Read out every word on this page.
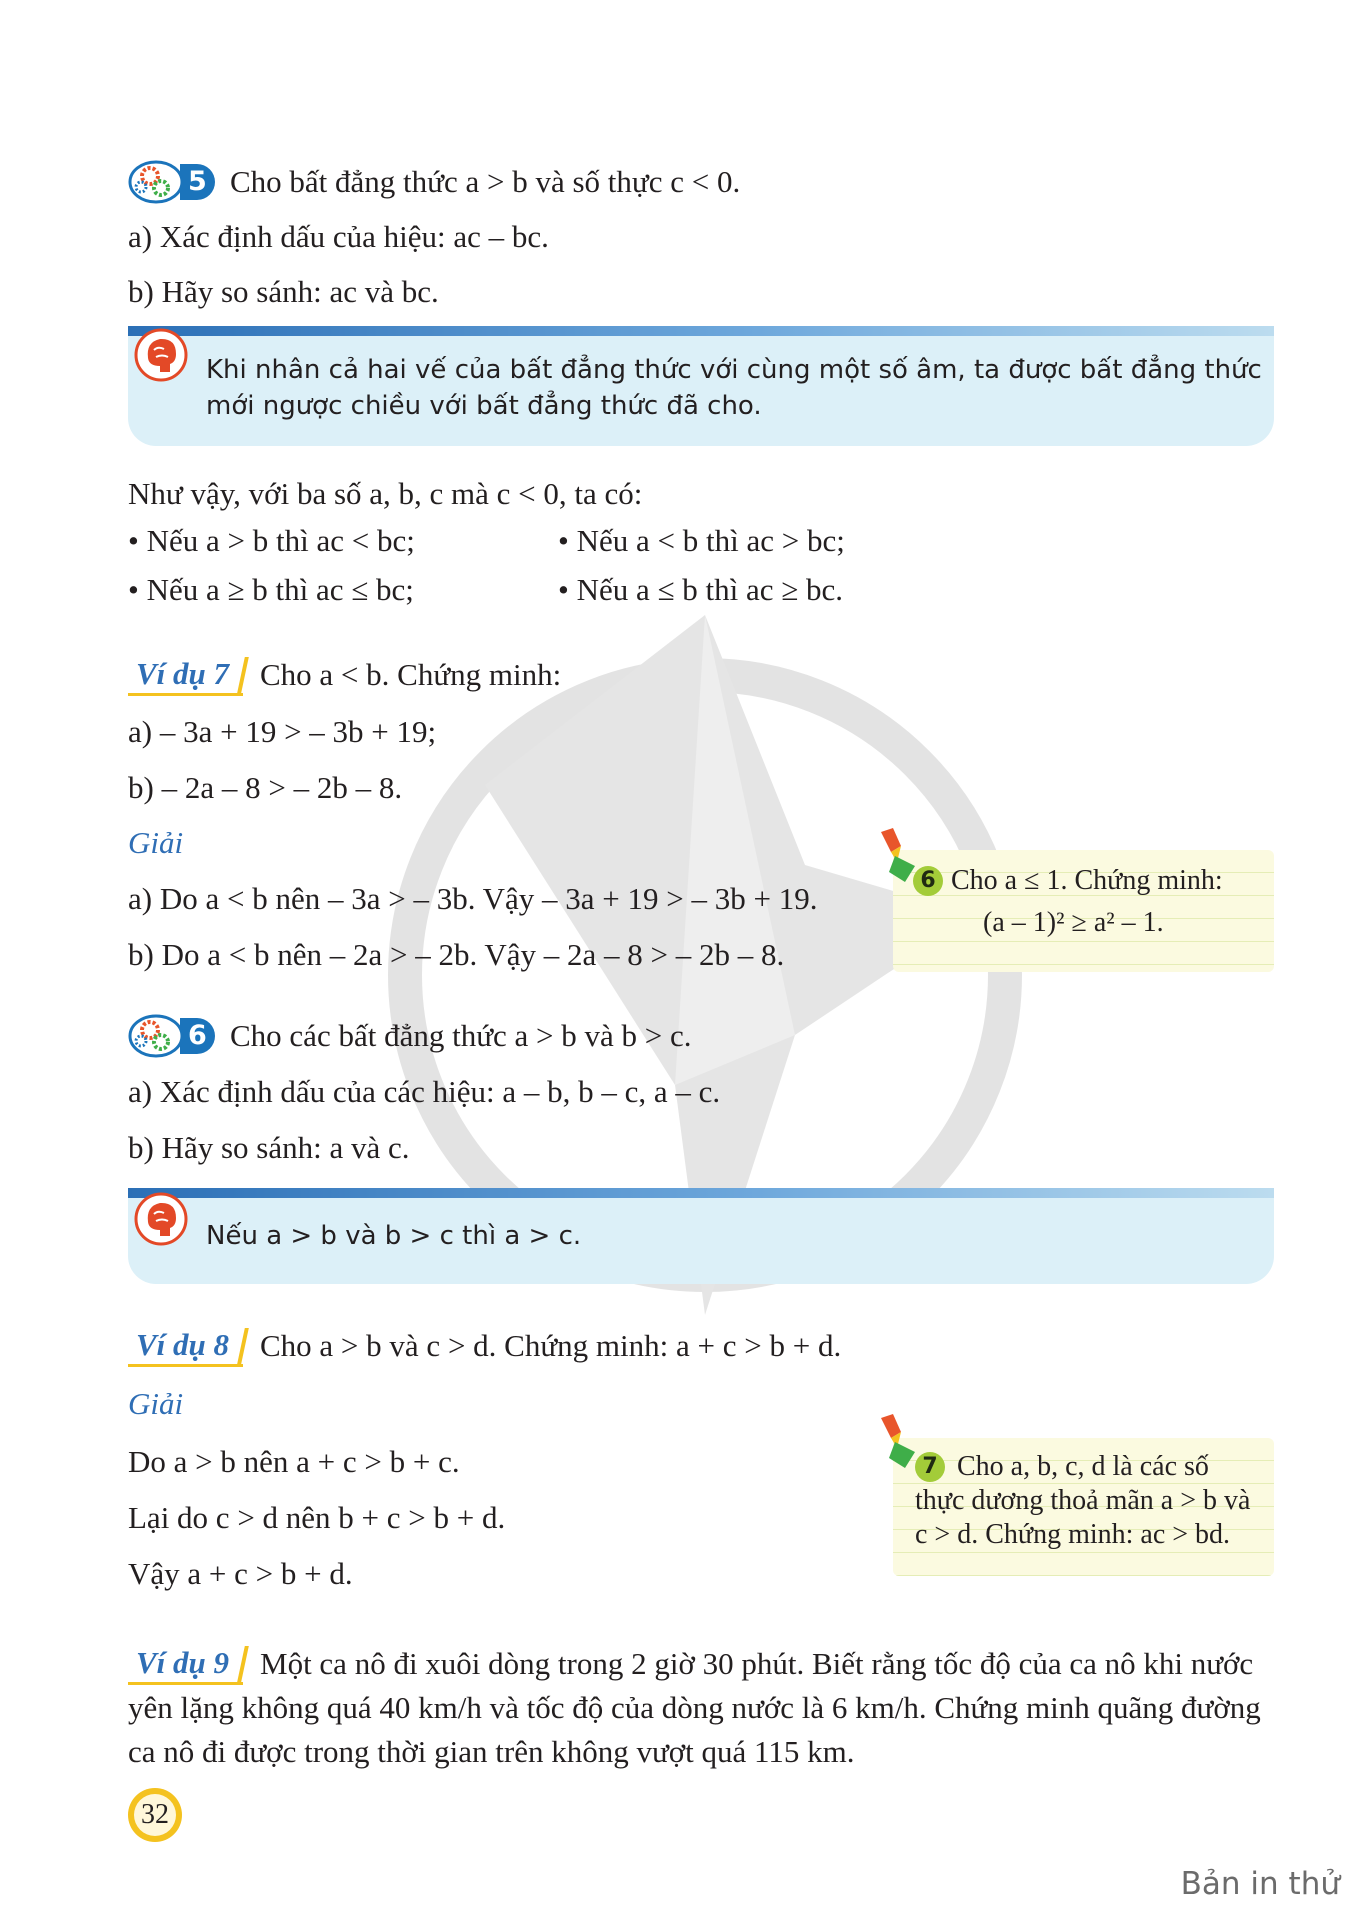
5 Cho bất đẳng thức a > b và số thực c < 0.
a) Xác định dấu của hiệu: ac – bc.
b) Hãy so sánh: ac và bc.
Khi nhân cả hai vế của bất đẳng thức với cùng một số âm, ta được bất đẳng thức
mới ngược chiều với bất đẳng thức đã cho.
Như vậy, với ba số a, b, c mà c < 0, ta có:
• Nếu a > b thì ac < bc;	• Nếu a < b thì ac > bc;
• Nếu a ≥ b thì ac ≤ bc;	• Nếu a ≤ b thì ac ≥ bc.
Ví dụ 7 Cho a < b. Chứng minh:
a) – 3a + 19 > – 3b + 19;
b) – 2a – 8 > – 2b – 8.
Giải
a) Do a < b nên – 3a > – 3b. Vậy – 3a + 19 > – 3b + 19.
b) Do a < b nên – 2a > – 2b. Vậy – 2a – 8 > – 2b – 8.
6 Cho a ≤ 1. Chứng minh:
(a – 1)² ≥ a² – 1.
6 Cho các bất đẳng thức a > b và b > c.
a) Xác định dấu của các hiệu: a – b, b – c, a – c.
b) Hãy so sánh: a và c.
Nếu a > b và b > c thì a > c.
Ví dụ 8 Cho a > b và c > d. Chứng minh: a + c > b + d.
Giải
Do a > b nên a + c > b + c.
Lại do c > d nên b + c > b + d.
Vậy a + c > b + d.
7 Cho a, b, c, d là các số
thực dương thoả mãn a > b và
c > d. Chứng minh: ac > bd.
Ví dụ 9 Một ca nô đi xuôi dòng trong 2 giờ 30 phút. Biết rằng tốc độ của ca nô khi nước
yên lặng không quá 40 km/h và tốc độ của dòng nước là 6 km/h. Chứng minh quãng đường
ca nô đi được trong thời gian trên không vượt quá 115 km.
32
Bản in thử
